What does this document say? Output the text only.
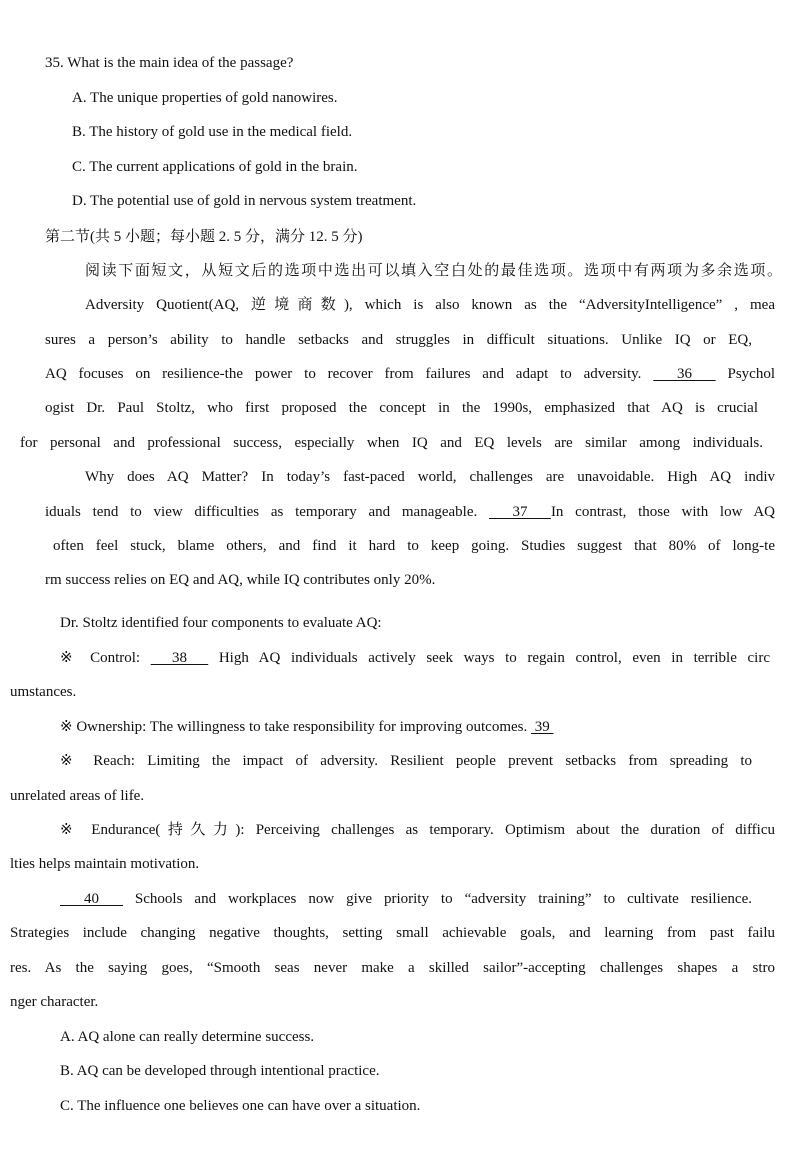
35. What is the main idea of the passage?
A. The unique properties of gold nanowires.
B. The history of gold use in the medical field.
C. The current applications of gold in the brain.
D. The potential use of gold in nervous system treatment.
第二节(共 5 小题；每小题 2. 5 分，满分 12. 5 分)
阅读下面短文，从短文后的选项中选出可以填入空白处的最佳选项。选项中有两项为多余选项。
Adversity Quotient(AQ, 逆境商数), which is also known as the “AdversityIntelligence” , mea
sures a person’s ability to handle setbacks and struggles in difficult situations. Unlike IQ or EQ,
AQ focuses on resilience-the power to recover from failures and adapt to adversity.   36   Psychol
ogist Dr. Paul Stoltz, who first proposed the concept in the 1990s, emphasized that AQ is crucial
for personal and professional success, especially when IQ and EQ levels are similar among individuals.
Why does AQ Matter? In today’s fast-paced world, challenges are unavoidable. High AQ indiv
iduals tend to view difficulties as temporary and manageable.   37  In contrast, those with low AQ
often feel stuck, blame others, and find it hard to keep going. Studies suggest that 80% of long-te
rm success relies on EQ and AQ, while IQ contributes only 20%.
Dr. Stoltz identified four components to evaluate AQ:
※ Control:   38   High AQ individuals actively seek ways to regain control, even in terrible circ
umstances.
※ Ownership: The willingness to take responsibility for improving outcomes.  39
※ Reach: Limiting the impact of adversity. Resilient people prevent setbacks from spreading to
unrelated areas of life.
※ Endurance(持久力): Perceiving challenges as temporary. Optimism about the duration of difficu
lties helps maintain motivation.
40   Schools and workplaces now give priority to “adversity training” to cultivate resilience.
Strategies include changing negative thoughts, setting small achievable goals, and learning from past failu
res. As the saying goes, “Smooth seas never make a skilled sailor”-accepting challenges shapes a stro
nger character.
A. AQ alone can really determine success.
B. AQ can be developed through intentional practice.
C. The influence one believes one can have over a situation.
